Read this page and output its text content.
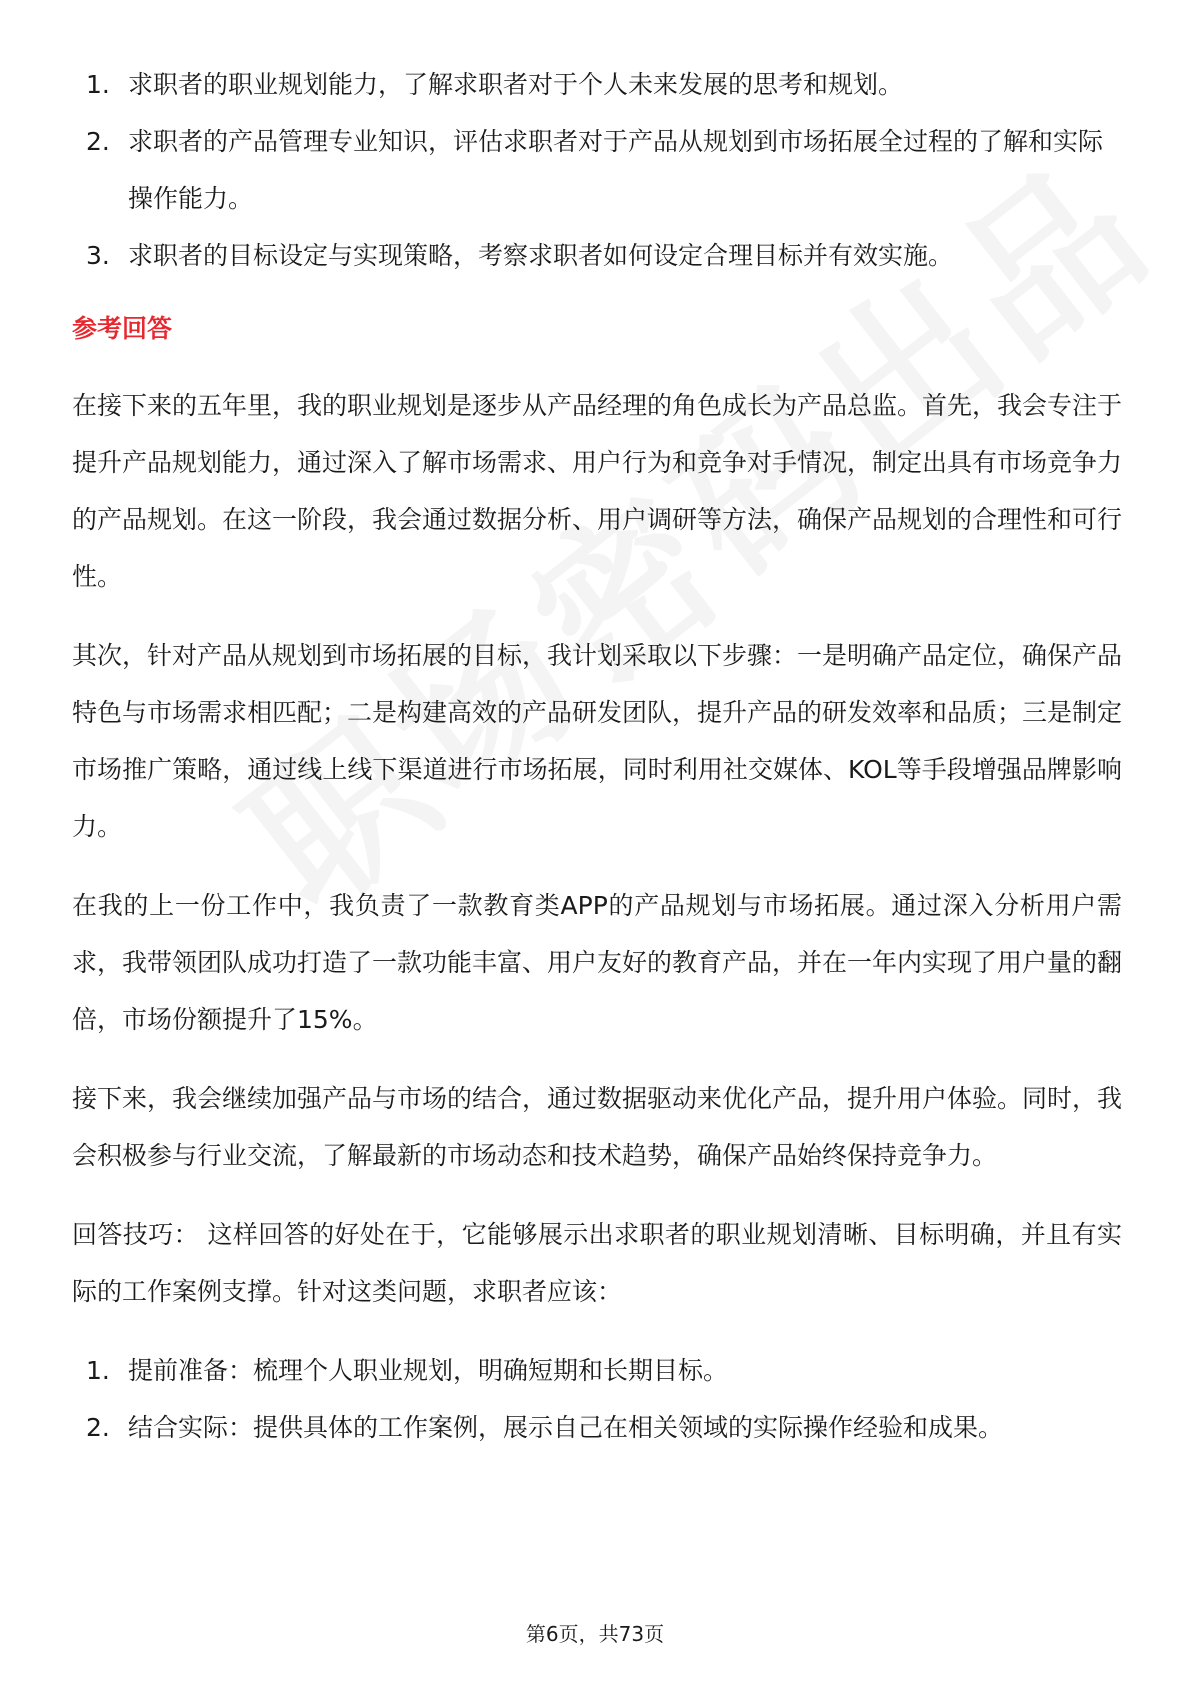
1. 求职者的职业规划能力，了解求职者对于个人未来发展的思考和规划。
2. 求职者的产品管理专业知识，评估求职者对于产品从规划到市场拓展全过程的了解和实际操作能力。
3. 求职者的目标设定与实现策略，考察求职者如何设定合理目标并有效实施。
参考回答

在接下来的五年里，我的职业规划是逐步从产品经理的角色成长为产品总监。首先，我会专注于提升产品规划能力，通过深入了解市场需求、用户行为和竞争对手情况，制定出具有市场竞争力的产品规划。在这一阶段，我会通过数据分析、用户调研等方法，确保产品规划的合理性和可行性。

其次，针对产品从规划到市场拓展的目标，我计划采取以下步骤：一是明确产品定位，确保产品特色与市场需求相匹配；二是构建高效的产品研发团队，提升产品的研发效率和品质；三是制定市场推广策略，通过线上线下渠道进行市场拓展，同时利用社交媒体、KOL等手段增强品牌影响力。

在我的上一份工作中，我负责了一款教育类APP的产品规划与市场拓展。通过深入分析用户需求，我带领团队成功打造了一款功能丰富、用户友好的教育产品，并在一年内实现了用户量的翻倍，市场份额提升了15%。

接下来，我会继续加强产品与市场的结合，通过数据驱动来优化产品，提升用户体验。同时，我会积极参与行业交流，了解最新的市场动态和技术趋势，确保产品始终保持竞争力。

回答技巧： 这样回答的好处在于，它能够展示出求职者的职业规划清晰、目标明确，并且有实际的工作案例支撑。针对这类问题，求职者应该：

1. 提前准备：梳理个人职业规划，明确短期和长期目标。
2. 结合实际：提供具体的工作案例，展示自己在相关领域的实际操作经验和成果。
第6页，共73页
